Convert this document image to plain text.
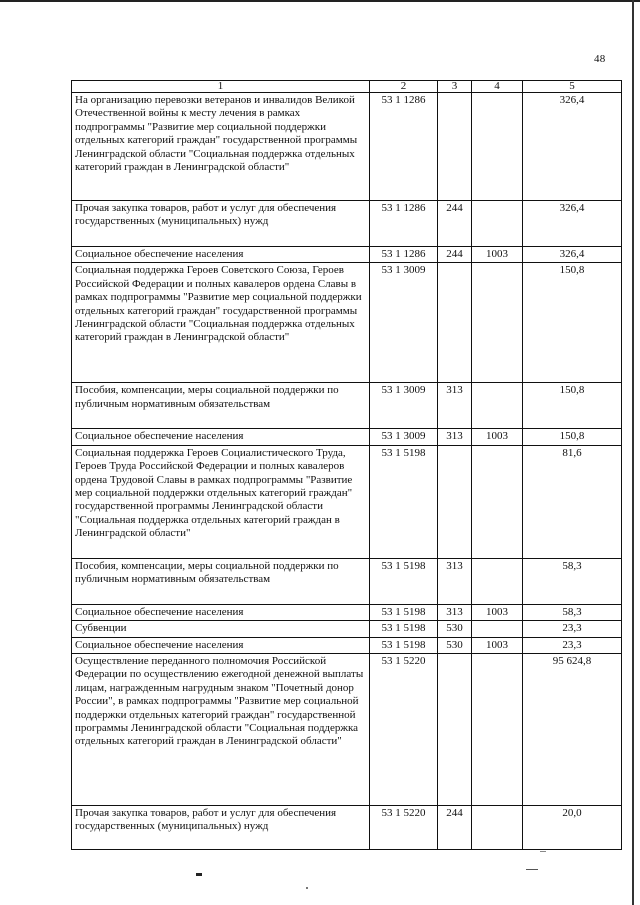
48
1	2	3	4	5
На организацию перевозки ветеранов и инвалидов Великой Отечественной войны к месту лечения в рамках подпрограммы "Развитие мер социальной поддержки отдельных категорий граждан" государственной программы Ленинградской области "Социальная поддержка отдельных категорий граждан в Ленинградской области"	53 1 1286			326,4
Прочая закупка товаров, работ и услуг для обеспечения государственных (муниципальных) нужд	53 1 1286	244		326,4
Социальное обеспечение населения	53 1 1286	244	1003	326,4
Социальная поддержка Героев Советского Союза, Героев Российской Федерации и полных кавалеров ордена Славы в рамках подпрограммы "Развитие мер социальной поддержки отдельных категорий граждан" государственной программы Ленинградской области "Социальная поддержка отдельных категорий граждан в Ленинградской области"	53 1 3009			150,8
Пособия, компенсации, меры социальной поддержки по публичным нормативным обязательствам	53 1 3009	313		150,8
Социальное обеспечение населения	53 1 3009	313	1003	150,8
Социальная поддержка Героев Социалистического Труда, Героев Труда Российской Федерации и полных кавалеров ордена Трудовой Славы в рамках подпрограммы "Развитие мер социальной поддержки отдельных категорий граждан" государственной программы Ленинградской области "Социальная поддержка отдельных категорий граждан в Ленинградской области"	53 1 5198			81,6
Пособия, компенсации, меры социальной поддержки по публичным нормативным обязательствам	53 1 5198	313		58,3
Социальное обеспечение населения	53 1 5198	313	1003	58,3
Субвенции	53 1 5198	530		23,3
Социальное обеспечение населения	53 1 5198	530	1003	23,3
Осуществление переданного полномочия Российской Федерации по осуществлению ежегодной денежной выплаты лицам, награжденным нагрудным знаком "Почетный донор России", в рамках подпрограммы "Развитие мер социальной поддержки отдельных категорий граждан" государственной программы Ленинградской области "Социальная поддержка отдельных категорий граждан в Ленинградской области"	53 1 5220			95 624,8
Прочая закупка товаров, работ и услуг для обеспечения государственных (муниципальных) нужд	53 1 5220	244		20,0
